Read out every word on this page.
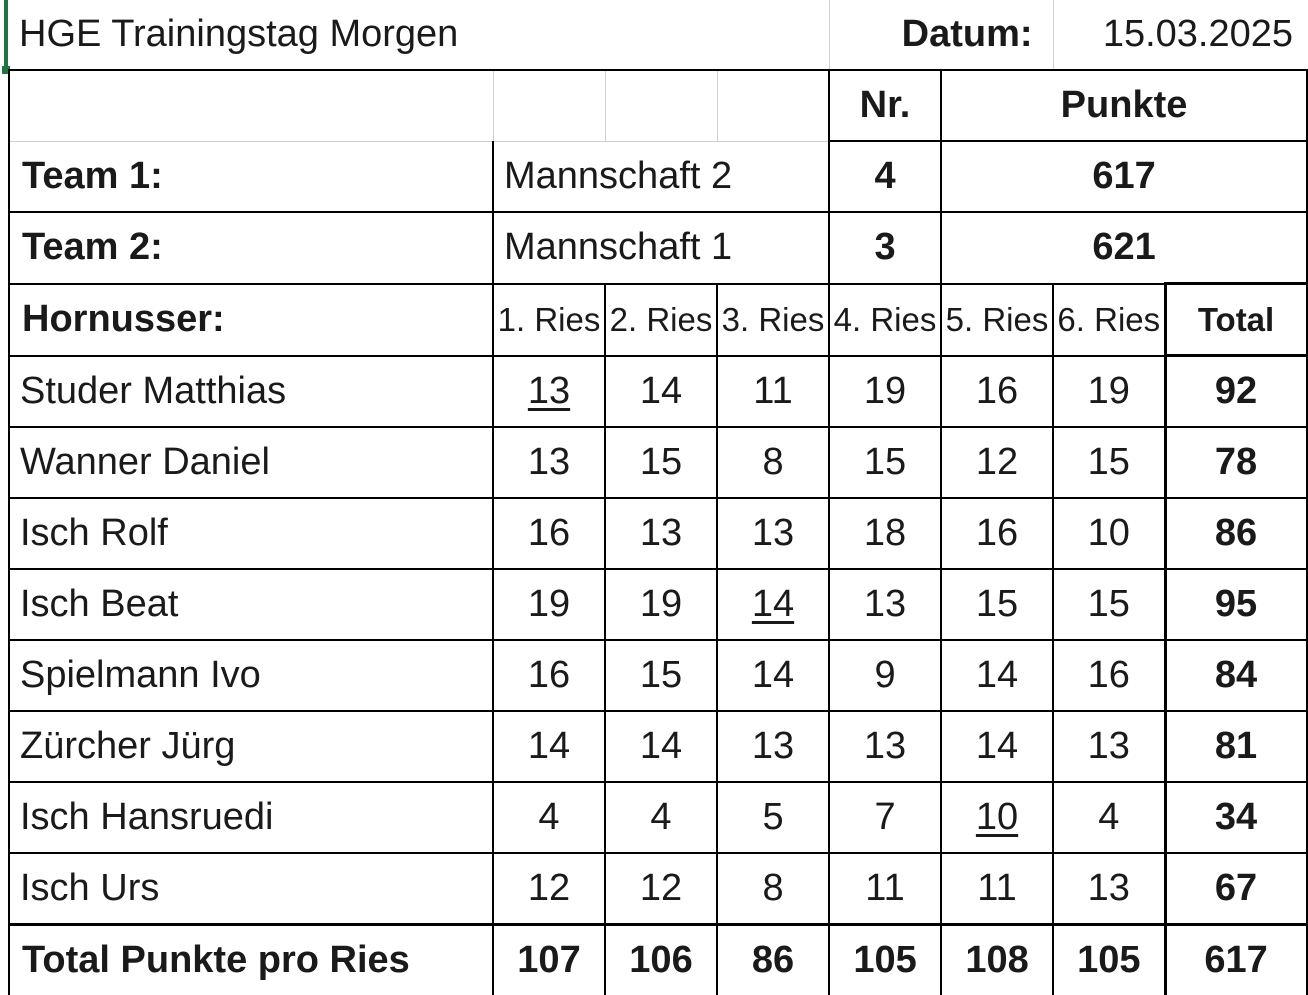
HGE Trainingstag Morgen				Datum:		15.03.2025	
				Nr.	Punkte		
Team 1:	Mannschaft 2			4	617		
Team 2:	Mannschaft 1			3	621		
Hornusser:	1. Ries	2. Ries	3. Ries	4. Ries	5. Ries	6. Ries	Total
Studer Matthias	13	14	11	19	16	19	92
Wanner Daniel	13	15	8	15	12	15	78
Isch Rolf	16	13	13	18	16	10	86
Isch Beat	19	19	14	13	15	15	95
Spielmann Ivo	16	15	14	9	14	16	84
Zürcher Jürg	14	14	13	13	14	13	81
Isch Hansruedi	4	4	5	7	10	4	34
Isch Urs	12	12	8	11	11	13	67
Total Punkte pro Ries	107	106	86	105	108	105	617
